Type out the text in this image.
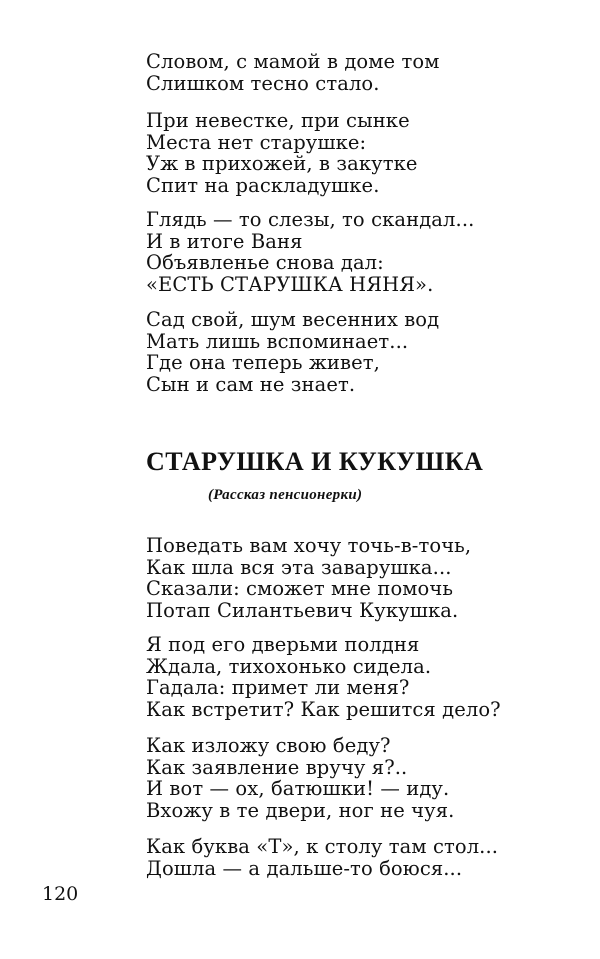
Словом, с мамой в доме том
Слишком тесно стало.
При невестке, при сынке
Места нет старушке:
Уж в прихожей, в закутке
Спит на раскладушке.
Глядь — то слезы, то скандал...
И в итоге Ваня
Объявленье снова дал:
«ЕСТЬ СТАРУШКА НЯНЯ».
Сад свой, шум весенних вод
Мать лишь вспоминает...
Где она теперь живет,
Сын и сам не знает.
СТАРУШКА И КУКУШКА
(Рассказ пенсионерки)
Поведать вам хочу точь-в-точь,
Как шла вся эта заварушка...
Сказали: сможет мне помочь
Потап Силантьевич Кукушка.
Я под его дверьми полдня
Ждала, тихохонько сидела.
Гадала: примет ли меня?
Как встретит? Как решится дело?
Как изложу свою беду?
Как заявление вручу я?..
И вот — ох, батюшки! — иду.
Вхожу в те двери, ног не чуя.
Как буква «Т», к столу там стол...
Дошла — а дальше-то боюся...
120
